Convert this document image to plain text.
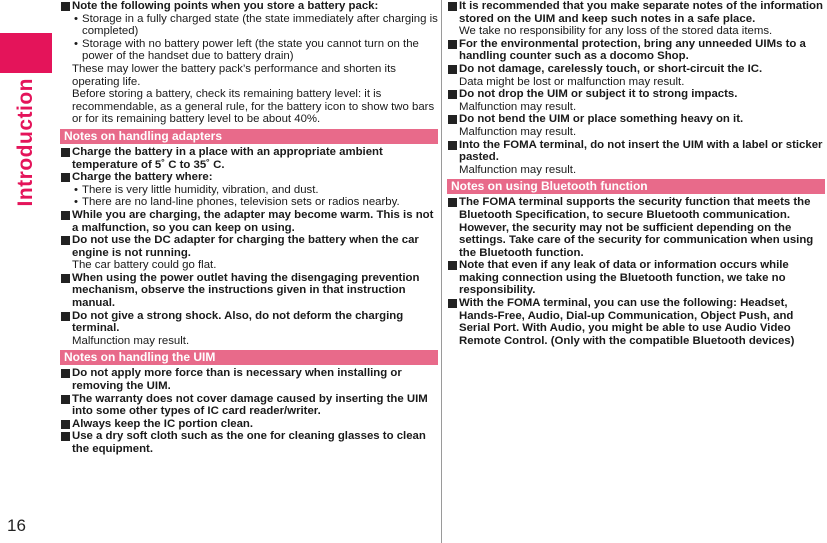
Introduction
16
Note the following points when you store a battery pack:
• Storage in a fully charged state (the state immediately after charging is completed)
• Storage with no battery power left (the state you cannot turn on the power of the handset due to battery drain)
These may lower the battery pack’s performance and shorten its operating life.
Before storing a battery, check its remaining battery level: it is recommendable, as a general rule, for the battery icon to show two bars or for its remaining battery level to be about 40%.
Notes on handling adapters
Charge the battery in a place with an appropriate ambient temperature of 5˚ C to 35˚ C.
Charge the battery where:
• There is very little humidity, vibration, and dust.
• There are no land-line phones, television sets or radios nearby.
While you are charging, the adapter may become warm. This is not a malfunction, so you can keep on using.
Do not use the DC adapter for charging the battery when the car engine is not running.
The car battery could go flat.
When using the power outlet having the disengaging prevention mechanism, observe the instructions given in that instruction manual.
Do not give a strong shock. Also, do not deform the charging terminal.
Malfunction may result.
Notes on handling the UIM
Do not apply more force than is necessary when installing or removing the UIM.
The warranty does not cover damage caused by inserting the UIM into some other types of IC card reader/writer.
Always keep the IC portion clean.
Use a dry soft cloth such as the one for cleaning glasses to clean the equipment.
It is recommended that you make separate notes of the information stored on the UIM and keep such notes in a safe place.
We take no responsibility for any loss of the stored data items.
For the environmental protection, bring any unneeded UIMs to a handling counter such as a docomo Shop.
Do not damage, carelessly touch, or short-circuit the IC.
Data might be lost or malfunction may result.
Do not drop the UIM or subject it to strong impacts.
Malfunction may result.
Do not bend the UIM or place something heavy on it.
Malfunction may result.
Into the FOMA terminal, do not insert the UIM with a label or sticker pasted.
Malfunction may result.
Notes on using Bluetooth function
The FOMA terminal supports the security function that meets the Bluetooth Specification, to secure Bluetooth communication. However, the security may not be sufficient depending on the settings. Take care of the security for communication when using the Bluetooth function.
Note that even if any leak of data or information occurs while making connection using the Bluetooth function, we take no responsibility.
With the FOMA terminal, you can use the following: Headset, Hands-Free, Audio, Dial-up Communication, Object Push, and Serial Port. With Audio, you might be able to use Audio Video Remote Control. (Only with the compatible Bluetooth devices)
